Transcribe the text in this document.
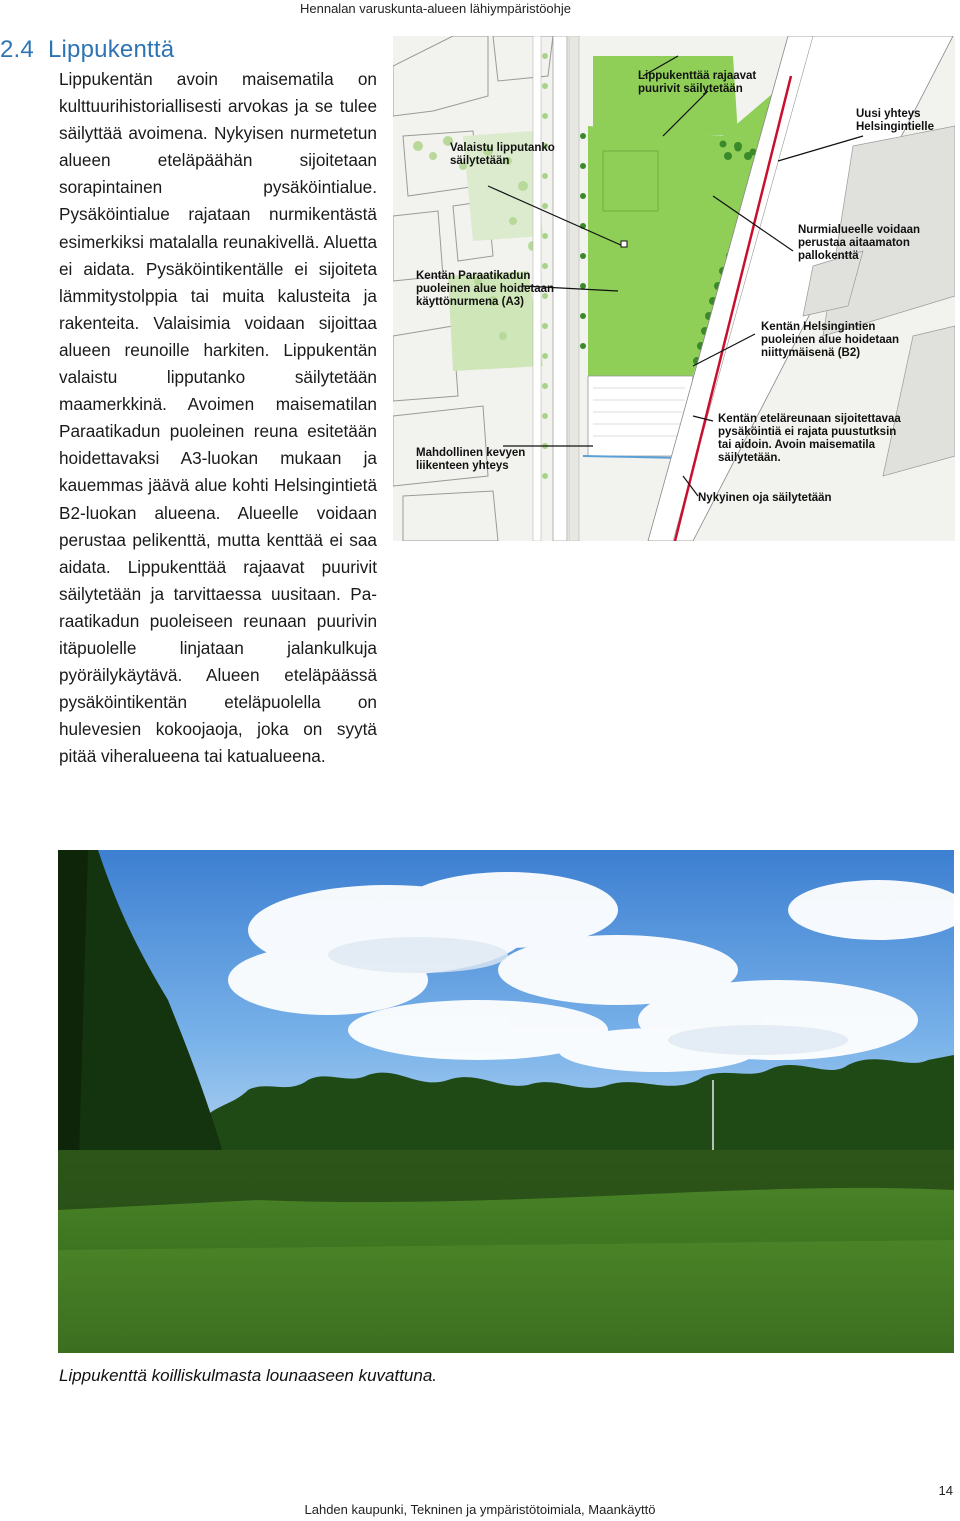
Hennalan varuskunta-alueen lähiympäristöohje
2.4 Lippukenttä
Lippukentän avoin maisematila on kulttuurihistoriallisesti arvokas ja se tulee säilyttää avoimena. Nykyisen nurmetetun alueen eteläpäähän sijoitetaan sorapintainen pysäköintialue. Pysäköintialue rajataan nurmikentästä esimerkiksi matalalla reunakivellä. Aluetta ei aidata. Pysäköintikentälle ei sijoiteta lämmitystolppia tai muita kalusteita ja rakenteita. Valaisimia voidaan sijoittaa alueen reunoille harkiten. Lippukentän valaistu lipputanko säilytetään maamerkkinä. Avoimen maisematilan Paraatikadun puoleinen reuna esitetään hoidettavaksi A3-luokan mukaan ja kauemmas jäävä alue kohti Helsingintietä B2-luokan alueena. Alueelle voidaan perustaa pelikenttä, mutta kenttää ei saa aidata. Lippukenttää rajaavat puurivit säilytetään ja tarvittaessa uusitaan. Paraatikadun puoleiseen reunaan puurivin itäpuolelle linjataan jalankulkuja pyöräilykäytävä. Alueen eteläpäässä pysäköintikentän eteläpuolella on hulevesien kokoojaoja, joka on syytä pitää viheralueena tai katualueena.
Lippukenttää rajaavat
puurivit säilytetään
Uusi yhteys
Helsingintielle
Valaistu lipputanko
säilytetään
Nurmialueelle voidaan
perustaa aitaamaton
pallokenttä
Kentän Paraatikadun
puoleinen alue hoidetaan
käyttönurmena (A3)
Kentän Helsingintien
puoleinen alue hoidetaan
niittymäisenä (B2)
Kentän eteläreunaan sijoitettavaa
pysäköintiä ei rajata puustutksin
tai aidoin. Avoin maisematila
säilytetään.
Mahdollinen kevyen
liikenteen yhteys
Nykyinen oja säilytetään
Lippukenttä koilliskulmasta lounaaseen kuvattuna.
14
Lahden kaupunki, Tekninen ja ympäristötoimiala, Maankäyttö
